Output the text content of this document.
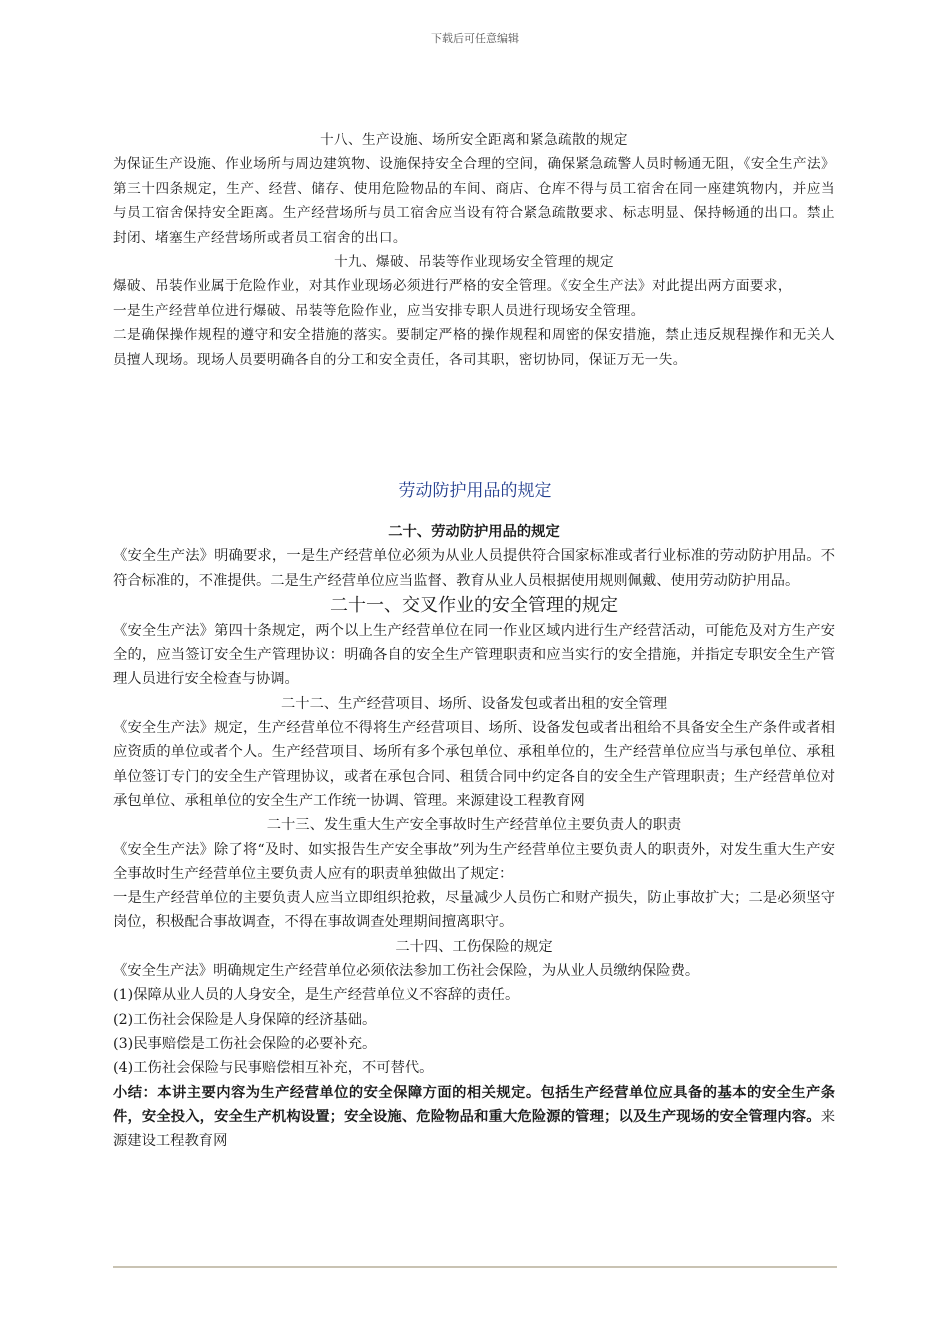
下载后可任意编辑

十八、生产设施、场所安全距离和紧急疏散的规定

为保证生产设施、作业场所与周边建筑物、设施保持安全合理的空间，确保紧急疏警人员时畅通无阻，《安全生产法》第三十四条规定，生产、经营、储存、使用危险物品的车间、商店、仓库不得与员工宿舍在同一座建筑物内，并应当与员工宿舍保持安全距离。生产经营场所与员工宿舍应当设有符合紧急疏散要求、标志明显、保持畅通的出口。禁止封闭、堵塞生产经营场所或者员工宿舍的出口。

十九、爆破、吊装等作业现场安全管理的规定

爆破、吊装作业属于危险作业，对其作业现场必须进行严格的安全管理。《安全生产法》对此提出两方面要求，

一是生产经营单位进行爆破、吊装等危险作业，应当安排专职人员进行现场安全管理。

二是确保操作规程的遵守和安全措施的落实。要制定严格的操作规程和周密的保安措施，禁止违反规程操作和无关人员擅人现场。现场人员要明确各自的分工和安全责任，各司其职，密切协同，保证万无一失。

劳动防护用品的规定

二十、劳动防护用品的规定

《安全生产法》明确要求，一是生产经营单位必须为从业人员提供符合国家标准或者行业标准的劳动防护用品。不符合标准的，不准提供。二是生产经营单位应当监督、教育从业人员根据使用规则佩戴、使用劳动防护用品。

二十一、交叉作业的安全管理的规定

《安全生产法》第四十条规定，两个以上生产经营单位在同一作业区域内进行生产经营活动，可能危及对方生产安全的，应当签订安全生产管理协议：明确各自的安全生产管理职责和应当实行的安全措施，并指定专职安全生产管理人员进行安全检查与协调。

二十二、生产经营项目、场所、设备发包或者出租的安全管理

《安全生产法》规定，生产经营单位不得将生产经营项目、场所、设备发包或者出租给不具备安全生产条件或者相应资质的单位或者个人。生产经营项目、场所有多个承包单位、承租单位的，生产经营单位应当与承包单位、承租单位签订专门的安全生产管理协议，或者在承包合同、租赁合同中约定各自的安全生产管理职责；生产经营单位对承包单位、承租单位的安全生产工作统一协调、管理。来源建设工程教育网

二十三、发生重大生产安全事故时生产经营单位主要负责人的职责

《安全生产法》除了将“及时、如实报告生产安全事故”列为生产经营单位主要负责人的职责外，对发生重大生产安全事故时生产经营单位主要负责人应有的职责单独做出了规定：

一是生产经营单位的主要负责人应当立即组织抢救，尽量减少人员伤亡和财产损失，防止事故扩大；二是必须坚守岗位，积极配合事故调查，不得在事故调查处理期间擅离职守。

二十四、工伤保险的规定

《安全生产法》明确规定生产经营单位必须依法参加工伤社会保险，为从业人员缴纳保险费。

(1)保障从业人员的人身安全，是生产经营单位义不容辞的责任。

(2)工伤社会保险是人身保障的经济基础。

(3)民事赔偿是工伤社会保险的必要补充。

(4)工伤社会保险与民事赔偿相互补充，不可替代。

小结：本讲主要内容为生产经营单位的安全保障方面的相关规定。包括生产经营单位应具备的基本的安全生产条件，安全投入，安全生产机构设置；安全设施、危险物品和重大危险源的管理；以及生产现场的安全管理内容。来源建设工程教育网
